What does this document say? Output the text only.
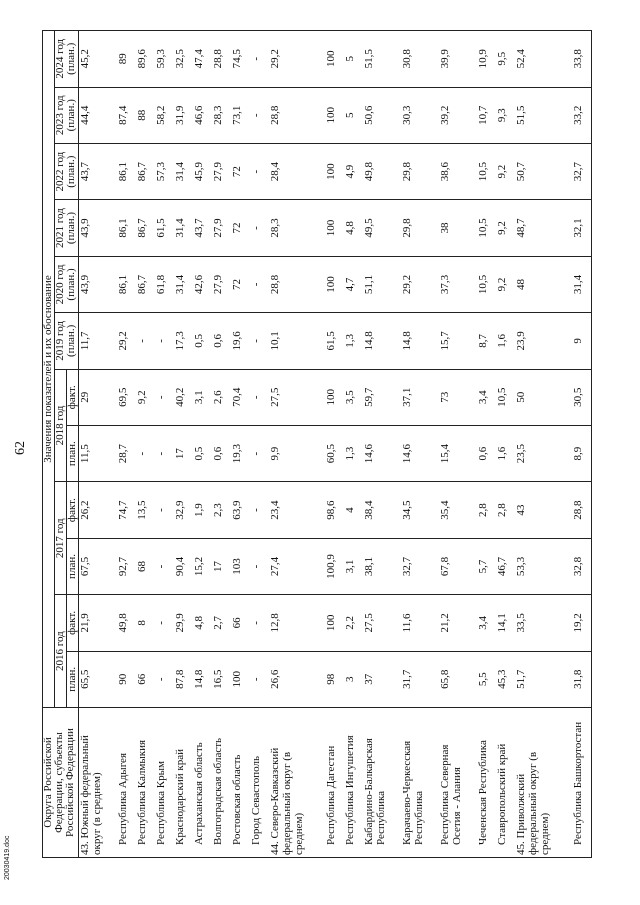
62
Округа Российской Федерации, субъекты Российской Федерации	Значения показателей и их обоснование											
	2016 год		2017 год		2018 год		2019 год (план.)	2020 год (план.)	2021 год (план.)	2022 год (план.)	2023 год (план.)	2024 год (план.)
	план.	факт.	план.	факт.	план.	факт.						
43. Южный федеральный округ (в среднем)	65,5	21,9	67,5	26,2	11,5	29	11,7	43,9	43,9	43,7	44,4	45,2
Республика Адыгея	90	49,8	92,7	74,7	28,7	69,5	29,2	86,1	86,1	86,1	87,4	89
Республика Калмыкия	66	8	68	13,5	-	9,2	-	86,7	86,7	86,7	88	89,6
Республика Крым	-	-	-	-	-	-	-	61,8	61,5	57,3	58,2	59,3
Краснодарский край	87,8	29,9	90,4	32,9	17	40,2	17,3	31,4	31,4	31,4	31,9	32,5
Астраханская область	14,8	4,8	15,2	1,9	0,5	3,1	0,5	42,6	43,7	45,9	46,6	47,4
Волгоградская область	16,5	2,7	17	2,3	0,6	2,6	0,6	27,9	27,9	27,9	28,3	28,8
Ростовская область	100	66	103	63,9	19,3	70,4	19,6	72	72	72	73,1	74,5
Город Севастополь	-	-	-	-	-	-	-	-	-	-	-	-
44. Северо-Кавказский федеральный округ (в среднем)	26,6	12,8	27,4	23,4	9,9	27,5	10,1	28,8	28,3	28,4	28,8	29,2
Республика Дагестан	98	100	100,9	98,6	60,5	100	61,5	100	100	100	100	100
Республика Ингушетия	3	2,2	3,1	4	1,3	3,5	1,3	4,7	4,8	4,9	5	5
Кабардино-Балкарская Республика	37	27,5	38,1	38,4	14,6	59,7	14,8	51,1	49,5	49,8	50,6	51,5
Карачаево-Черкесская Республика	31,7	11,6	32,7	34,5	14,6	37,1	14,8	29,2	29,8	29,8	30,3	30,8
Республика Северная Осетия - Алания	65,8	21,2	67,8	35,4	15,4	73	15,7	37,3	38	38,6	39,2	39,9
Чеченская Республика	5,5	3,4	5,7	2,8	0,6	3,4	8,7	10,5	10,5	10,5	10,7	10,9
Ставропольский край	45,3	14,1	46,7	2,8	1,6	10,5	1,6	9,2	9,2	9,2	9,3	9,5
45. Приволжский федеральный округ (в среднем)	51,7	33,5	53,3	43	23,5	50	23,9	48	48,7	50,7	51,5	52,4
Республика Башкортостан	31,8	19,2	32,8	28,8	8,9	30,5	9	31,4	32,1	32,7	33,2	33,8
20030419.doc
